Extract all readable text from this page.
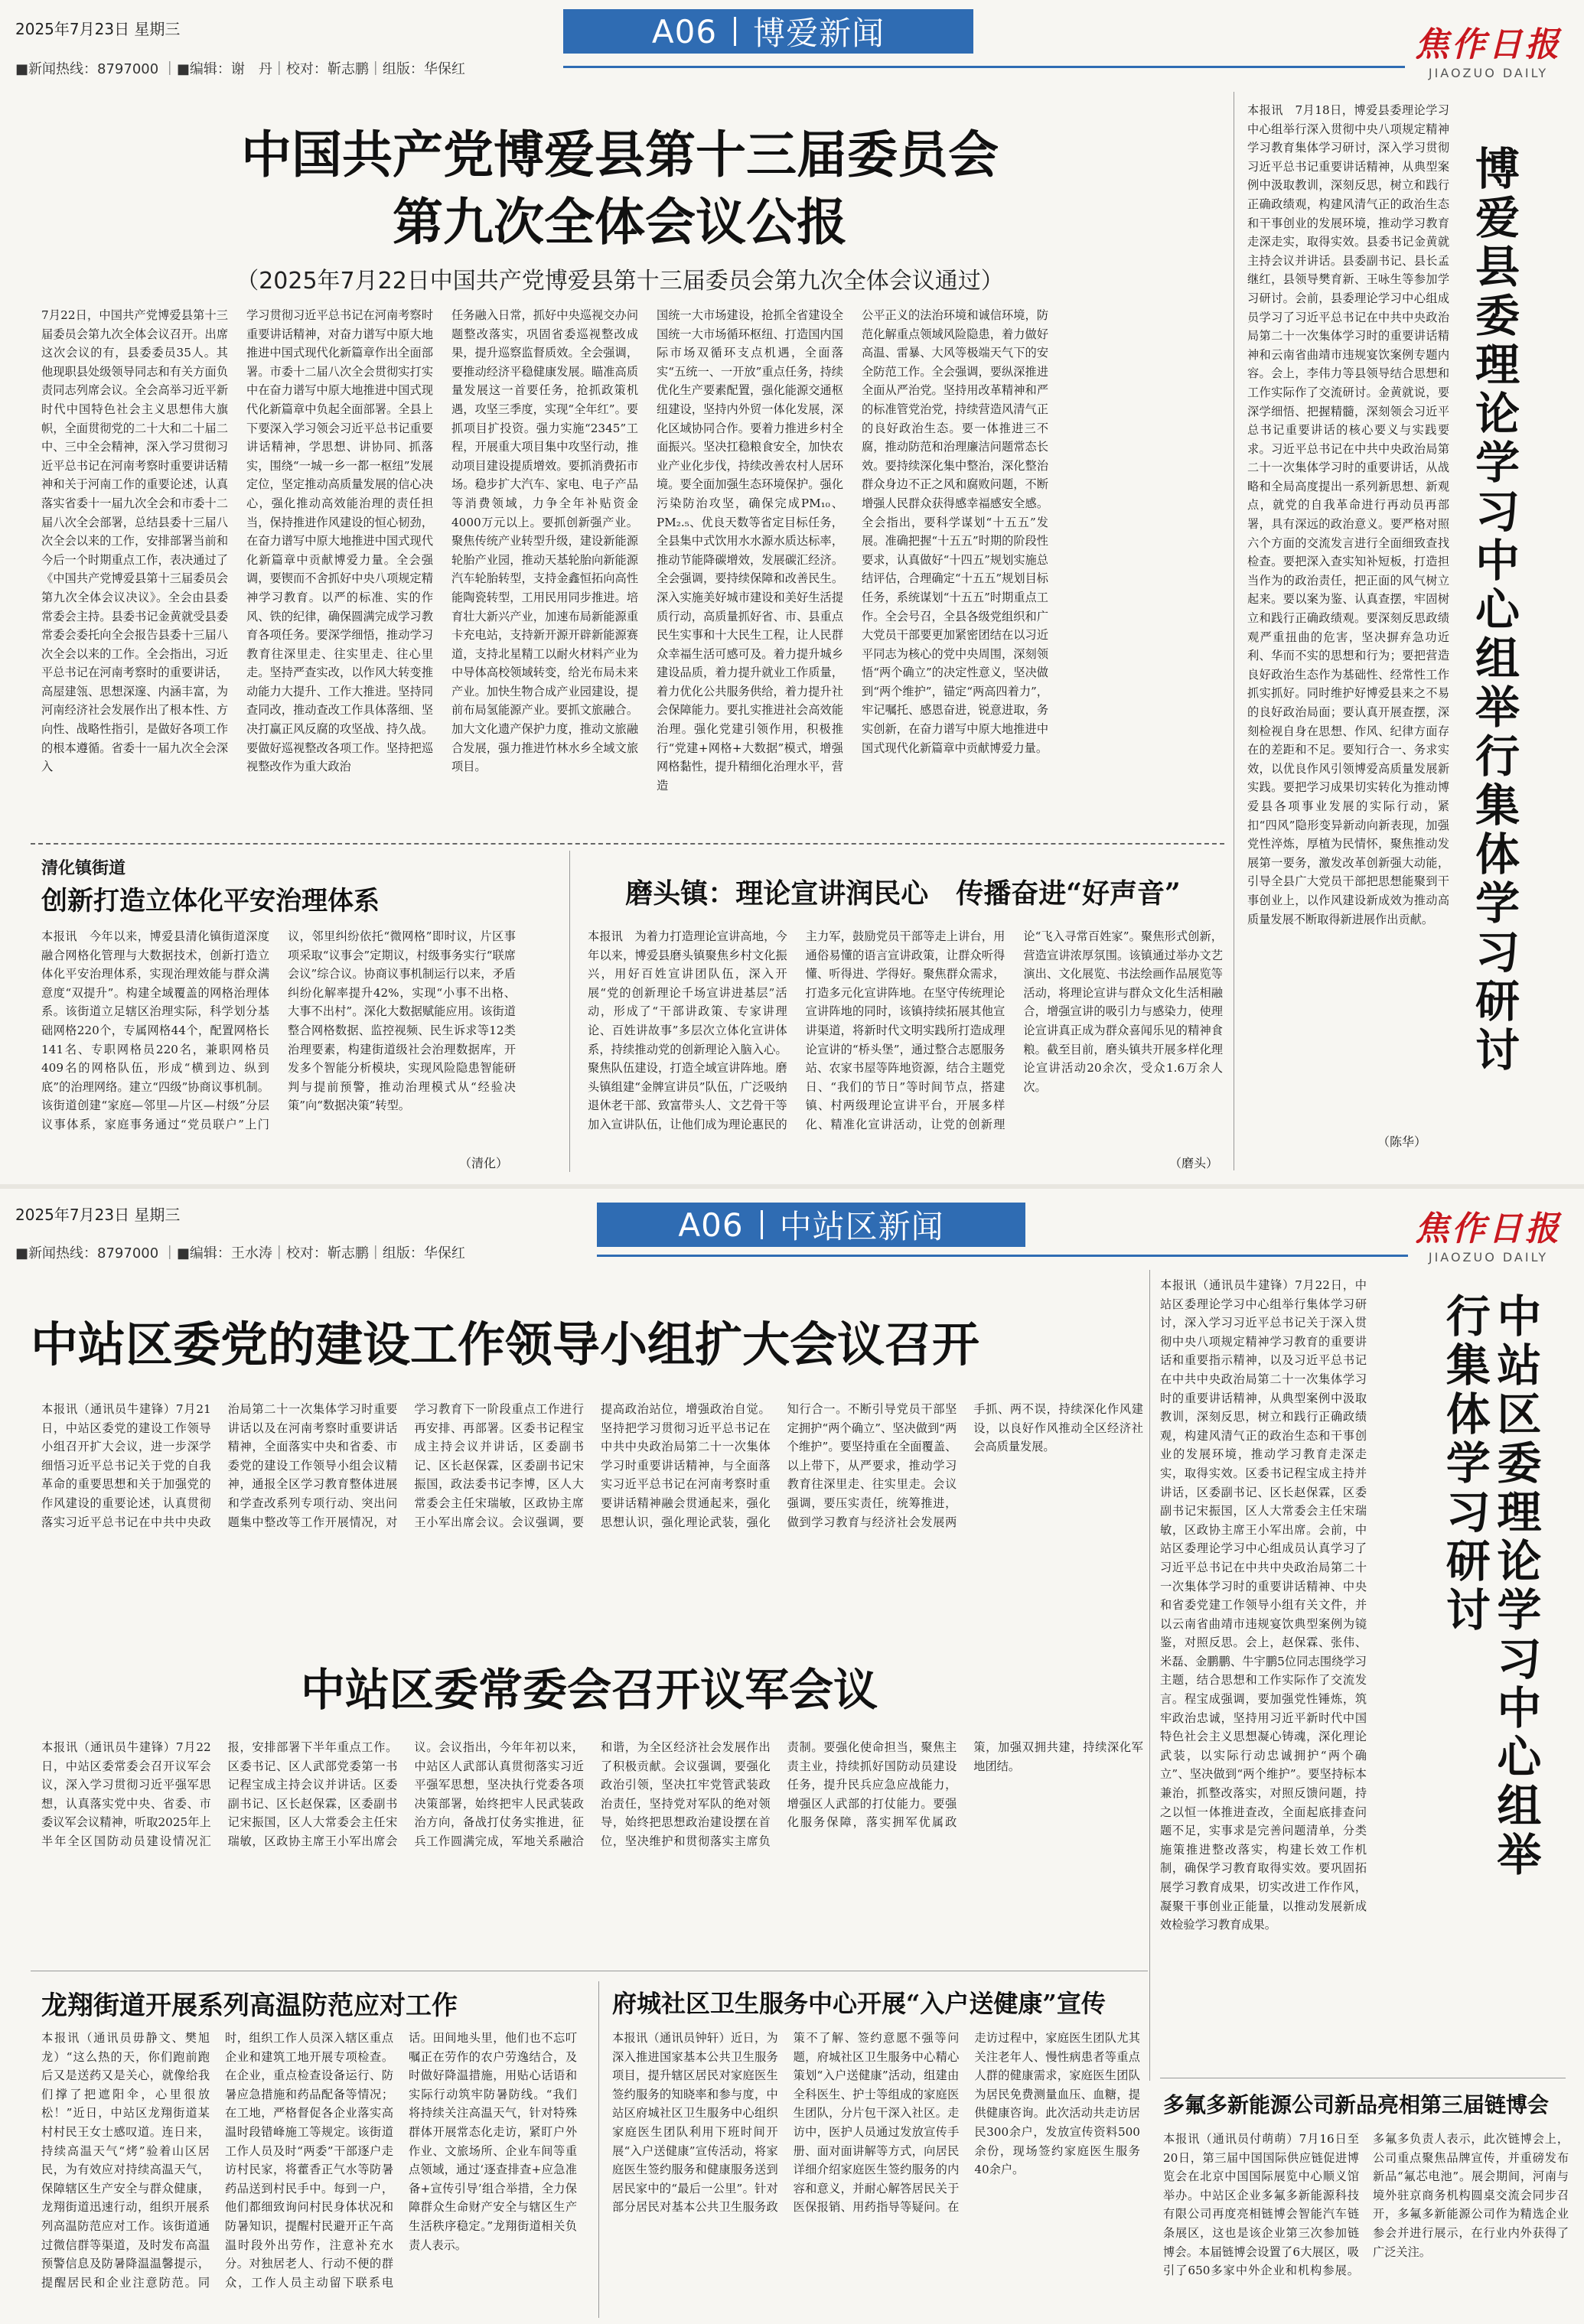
2025年7月23日 星期三	A06 博爱新闻
■新闻热线：8797000 ｜■编辑：谢　丹｜校对：靳志鹏｜组版：华保红
焦作日报
JIAOZUO DAILY
中国共产党博爱县第十三届委员会
第九次全体会议公报
（2025年7月22日中国共产党博爱县第十三届委员会第九次全体会议通过）
7月22日，中国共产党博爱县第十三届委员会第九次全体会议召开。出席这次会议的有，县委委员35人。其他现职县处级领导同志和有关方面负责同志列席会议。全会高举习近平新时代中国特色社会主义思想伟大旗帜，全面贯彻党的二十大和二十届二中、三中全会精神，深入学习贯彻习近平总书记在河南考察时重要讲话精神和关于河南工作的重要论述，认真落实省委十一届九次全会和市委十二届八次全会部署，总结县委十三届八次全会以来的工作，安排部署当前和今后一个时期重点工作，表决通过了《中国共产党博爱县第十三届委员会第九次全体会议决议》。全会由县委常委会主持。县委书记金黄就受县委常委会委托向全会报告县委十三届八次全会以来的工作。全会指出，习近平总书记在河南考察时的重要讲话，高屋建瓴、思想深邃、内涵丰富，为河南经济社会发展作出了根本性、方向性、战略性指引，是做好各项工作的根本遵循。省委十一届九次全会深入
学习贯彻习近平总书记在河南考察时重要讲话精神，对奋力谱写中原大地推进中国式现代化新篇章作出全面部署。市委十二届八次全会贯彻实打实中在奋力谱写中原大地推进中国式现代化新篇章中负起全面部署。全县上下要深入学习领会习近平总书记重要讲话精神，学思想、讲协同、抓落实，围绕“一城一乡一都一枢纽”发展定位，坚定推动高质量发展的信心决心，强化推动高效能治理的责任担当，保持推进作风建设的恒心韧劲，在奋力谱写中原大地推进中国式现代化新篇章中贡献博爱力量。全会强调，要锲而不舍抓好中央八项规定精神学习教育。以严的标准、实的作风、铁的纪律，确保圆满完成学习教育各项任务。要深学细悟，推动学习教育往深里走、往实里走、往心里走。坚持严查实改，以作风大转变推动能力大提升、工作大推进。坚持同查同改，推动查改工作具体落细、坚决打赢正风反腐的攻坚战、持久战。要做好巡视整改各项工作。坚持把巡视整改作为重大政治
任务融入日常，抓好中央巡视交办问题整改落实，巩固省委巡视整改成果，提升巡察监督质效。全会强调，要推动经济平稳健康发展。瞄准高质量发展这一首要任务，抢抓政策机遇，攻坚三季度，实现“全年红”。要抓项目扩投资。强力实施“2345”工程，开展重大项目集中攻坚行动，推动项目建设提质增效。要抓消费拓市场。稳步扩大汽车、家电、电子产品等消费领域，力争全年补贴资金4000万元以上。要抓创新强产业。聚焦传统产业转型升级，建设新能源轮胎产业园，推动天基轮胎向新能源汽车轮胎转型，支持金鑫恒拓向高性能陶瓷转型，工用民用同步推进。培育壮大新兴产业，加速布局新能源重卡充电站，支持新开源开辟新能源赛道，支持北星精工以耐火材料产业为中导体高校领域转变，给光布局未来产业。加快生物合成产业园建设，提前布局氢能源产业。要抓文旅融合。加大文化遗产保护力度，推动文旅融合发展，强力推进竹林水乡全域文旅项目。
国统一大市场建设，抢抓全省建设全国统一大市场循环枢纽、打造国内国际市场双循环支点机遇，全面落实“五统一、一开放”重点任务，持续优化生产要素配置，强化能源交通枢纽建设，坚持内外贸一体化发展，深化区域协同合作。要着力推进乡村全面振兴。坚决扛稳粮食安全，加快农业产业化步伐，持续改善农村人居环境。要全面加强生态环境保护。强化污染防治攻坚，确保完成PM₁₀、PM₂.₅、优良天数等省定目标任务，全县集中式饮用水水源水质达标率，推动节能降碳增效，发展碳汇经济。全会强调，要持续保障和改善民生。深入实施美好城市建设和美好生活提质行动，高质量抓好省、市、县重点民生实事和十大民生工程，让人民群众幸福生活可感可及。着力提升城乡建设品质，着力提升就业工作质量，着力优化公共服务供给，着力提升社会保障能力。要扎实推进社会高效能治理。强化党建引领作用，积极推行“党建+网格+大数据”模式，增强网格黏性，提升精细化治理水平，营造
公平正义的法治环境和诚信环境，防范化解重点领域风险隐患，着力做好高温、雷暴、大风等极端天气下的安全防范工作。全会强调，要纵深推进全面从严治党。坚持用改革精神和严的标准管党治党，持续营造风清气正的良好政治生态。要一体推进三不腐，推动防范和治理廉洁问题常态长效。要持续深化集中整治，深化整治群众身边不正之风和腐败问题，不断增强人民群众获得感幸福感安全感。全会指出，要科学谋划“十五五”发展。准确把握“十五五”时期的阶段性要求，认真做好“十四五”规划实施总结评估，合理确定“十五五”规划目标任务，系统谋划“十五五”时期重点工作。全会号召，全县各级党组织和广大党员干部要更加紧密团结在以习近平同志为核心的党中央周围，深刻领悟“两个确立”的决定性意义，坚决做到“两个维护”，锚定“两高四着力”，牢记嘱托、感恩奋进，锐意进取，务实创新，在奋力谱写中原大地推进中国式现代化新篇章中贡献博爱力量。	博爱县委理论学习中心组举行集体学习研讨
本报讯　7月18日，博爱县委理论学习中心组举行深入贯彻中央八项规定精神学习教育集体学习研讨，深入学习贯彻习近平总书记重要讲话精神，从典型案例中汲取教训，深刻反思，树立和践行正确政绩观，构建风清气正的政治生态和干事创业的发展环境，推动学习教育走深走实，取得实效。县委书记金黄就主持会议并讲话。县委副书记、县长孟继红，县领导樊育新、王咏生等参加学习研讨。会前，县委理论学习中心组成员学习了习近平总书记在中共中央政治局第二十一次集体学习时的重要讲话精神和云南省曲靖市违规宴饮案例专题内容。会上，李伟力等县领导结合思想和工作实际作了交流研讨。金黄就说，要深学细悟、把握精髓，深刻领会习近平总书记重要讲话的核心要义与实践要求。习近平总书记在中共中央政治局第二十一次集体学习时的重要讲话，从战略和全局高度提出一系列新思想、新观点，就党的自我革命进行再动员再部署，具有深远的政治意义。要严格对照六个方面的交流发言进行全面细致查找检查。要把深入查实知补短板，打造担当作为的政治责任，把正面的风气树立起来。要以案为鉴、认真查摆，牢固树立和践行正确政绩观。要深刻反思政绩观严重扭曲的危害，坚决摒弃急功近利、华而不实的思想和行为；要把营造良好政治生态作为基础性、经常性工作抓实抓好。同时维护好博爱县来之不易的良好政治局面；要认真开展查摆，深刻检视自身在思想、作风、纪律方面存在的差距和不足。要知行合一、务求实效，以优良作风引领博爱高质量发展新实践。要把学习成果切实转化为推动博爱县各项事业发展的实际行动，紧扣“四风”隐形变异新动向新表现，加强党性淬炼，厚植为民情怀，聚焦推动发展第一要务，激发改革创新强大动能，引导全县广大党员干部把思想能聚到干事创业上，以作风建设新成效为推动高质量发展不断取得新进展作出贡献。
（陈华）
清化镇街道
创新打造立体化平安治理体系
本报讯　今年以来，博爱县清化镇街道深度融合网格化管理与大数据技术，创新打造立体化平安治理体系，实现治理效能与群众满意度“双提升”。构建全域覆盖的网格治理体系。该街道立足辖区治理实际，科学划分基础网格220个，专属网格44个，配置网格长141名、专职网格员220名，兼职网格员409名的网格队伍，形成“横到边、纵到底”的治理网络。建立“四级”协商议事机制。该街道创建“家庭—邻里—片区—村级”分层议事体系，家庭事务通过“党员联户”上门议，邻里纠纷依托“微网格”即时议，片区事项采取“议事会”定期议，村级事务实行“联席会议”综合议。协商议事机制运行以来，矛盾纠纷化解率提升42%，实现“小事不出格、大事不出村”。深化大数据赋能应用。该街道整合网格数据、监控视频、民生诉求等12类治理要素，构建街道级社会治理数据库，开发多个智能分析模块，实现风险隐患智能研判与提前预警，推动治理模式从“经验决策”向“数据决策”转型。
（清化）
磨头镇：理论宣讲润民心　传播奋进“好声音”
本报讯　为着力打造理论宣讲高地，今年以来，博爱县磨头镇聚焦乡村文化振兴，用好百姓宣讲团队伍，深入开展“党的创新理论千场宣讲进基层”活动，形成了“干部讲政策、专家讲理论、百姓讲故事”多层次立体化宣讲体系，持续推动党的创新理论入脑入心。聚焦队伍建设，打造全域宣讲阵地。磨头镇组建“金牌宣讲员”队伍，广泛吸纳退休老干部、致富带头人、文艺骨干等加入宣讲队伍，让他们成为理论惠民的主力军，鼓励党员干部等走上讲台，用通俗易懂的语言宣讲政策，让群众听得懂、听得进、学得好。聚焦群众需求，打造多元化宣讲阵地。在坚守传统理论宣讲阵地的同时，该镇持续拓展其他宣讲渠道，将新时代文明实践所打造成理论宣讲的“桥头堡”，通过整合志愿服务站、农家书屋等阵地资源，结合主题党日、“我们的节日”等时间节点，搭建镇、村两级理论宣讲平台，开展多样化、精准化宣讲活动，让党的创新理论“飞入寻常百姓家”。聚焦形式创新，营造宣讲浓厚氛围。该镇通过举办文艺演出、文化展览、书法绘画作品展览等活动，将理论宣讲与群众文化生活相融合，增强宣讲的吸引力与感染力，使理论宣讲真正成为群众喜闻乐见的精神食粮。截至目前，磨头镇共开展多样化理论宣讲活动20余次，受众1.6万余人次。
（磨头）
2025年7月23日 星期三	A06 中站区新闻
■新闻热线：8797000 ｜■编辑：王水涛｜校对：靳志鹏｜组版：华保红
焦作日报
JIAOZUO DAILY
中站区委党的建设工作领导小组扩大会议召开
本报讯（通讯员牛建锋）7月21日，中站区委党的建设工作领导小组召开扩大会议，进一步深学细悟习近平总书记关于党的自我革命的重要思想和关于加强党的作风建设的重要论述，认真贯彻落实习近平总书记在中共中央政治局第二十一次集体学习时重要讲话以及在河南考察时重要讲话精神，全面落实中央和省委、市委党的建设工作领导小组会议精神，通报全区学习教育整体进展和学查改系列专项行动、突出问题集中整改等工作开展情况，对学习教育下一阶段重点工作进行再安排、再部署。区委书记程宝成主持会议并讲话，区委副书记、区长赵保霖，区委副书记宋振国，政法委书记李博，区人大常委会主任宋瑞敏，区政协主席王小军出席会议。会议强调，要提高政治站位，增强政治自觉。坚持把学习贯彻习近平总书记在中共中央政治局第二十一次集体学习时重要讲话精神，与全面落实习近平总书记在河南考察时重要讲话精神融会贯通起来，强化思想认识，强化理论武装，强化知行合一。不断引导党员干部坚定拥护“两个确立”、坚决做到“两个维护”。要坚持重在全面覆盖、以上带下，从严要求，推动学习教育往深里走、往实里走。会议强调，要压实责任，统筹推进，做到学习教育与经济社会发展两手抓、两不误，持续深化作风建设，以良好作风推动全区经济社会高质量发展。
本报讯（通讯员牛建锋）7月22日，中站区委理论学习中心组举行集体学习研讨，深入学习习近平总书记关于深入贯彻中央八项规定精神学习教育的重要讲话和重要指示精神，以及习近平总书记在中共中央政治局第二十一次集体学习时的重要讲话精神，从典型案例中汲取教训，深刻反思，树立和践行正确政绩观，构建风清气正的政治生态和干事创业的发展环境，推动学习教育走深走实，取得实效。区委书记程宝成主持并讲话，区委副书记、区长赵保霖，区委副书记宋振国，区人大常委会主任宋瑞敏，区政协主席王小军出席。会前，中站区委理论学习中心组成员认真学习了习近平总书记在中共中央政治局第二十一次集体学习时的重要讲话精神、中央和省委党建工作领导小组有关文件，并以云南省曲靖市违规宴饮典型案例为镜鉴，对照反思。会上，赵保霖、张伟、米磊、金鹏鹏、牛宇鹏5位同志围绕学习主题，结合思想和工作实际作了交流发言。程宝成强调，要加强党性锤炼，筑牢政治忠诚，坚持用习近平新时代中国特色社会主义思想凝心铸魂，深化理论武装，以实际行动忠诚拥护“两个确立”、坚决做到“两个维护”。要坚持标本兼治，抓整改落实，对照反馈问题，持之以恒一体推进查改，全面起底排查问题不足，实事求是完善问题清单，分类施策推进整改落实，构建长效工作机制，确保学习教育取得实效。要巩固拓展学习教育成果，切实改进工作作风，凝聚干事创业正能量，以推动发展新成效检验学习教育成果。
中站区委理论学习中心组举行集体学习研讨
中站区委常委会召开议军会议
本报讯（通讯员牛建锋）7月22日，中站区委常委会召开议军会议，深入学习贯彻习近平强军思想，认真落实党中央、省委、市委议军会议精神，听取2025年上半年全区国防动员建设情况汇报，安排部署下半年重点工作。区委书记、区人武部党委第一书记程宝成主持会议并讲话。区委副书记、区长赵保霖，区委副书记宋振国，区人大常委会主任宋瑞敏，区政协主席王小军出席会议。会议指出，今年年初以来，中站区人武部认真贯彻落实习近平强军思想，坚决执行党委各项决策部署，始终把牢人民武装政治方向，备战打仗务实推进，征兵工作圆满完成，军地关系融洽和谐，为全区经济社会发展作出了积极贡献。会议强调，要强化政治引领，坚决扛牢党管武装政治责任，坚持党对军队的绝对领导，始终把思想政治建设摆在首位，坚决维护和贯彻落实主席负责制。要强化使命担当，聚焦主责主业，持续抓好国防动员建设任务，提升民兵应急应战能力，增强区人武部的打仗能力。要强化服务保障，落实拥军优属政策，加强双拥共建，持续深化军地团结。
龙翔街道开展系列高温防范应对工作
本报讯（通讯员毋静文、樊旭龙）“这么热的天，你们跑前跑后又是送药又是关心，就像给我们撑了把遮阳伞，心里很放松！”近日，中站区龙翔街道某村村民王女士感叹道。连日来，持续高温天气“烤”验着山区居民，为有效应对持续高温天气，保障辖区生产安全与群众健康，龙翔街道迅速行动，组织开展系列高温防范应对工作。该街道通过微信群等渠道，及时发布高温预警信息及防暑降温温馨提示，提醒居民和企业注意防范。同时，组织工作人员深入辖区重点企业和建筑工地开展专项检查。在企业，重点检查设备运行、防暑应急措施和药品配备等情况；在工地，严格督促各企业落实高温时段错峰施工等规定。该街道工作人员及时“两委”干部逐户走访村民家，将藿香正气水等防暑药品送到村民手中。每到一户，他们都细致询问村民身体状况和防暑知识，提醒村民避开正午高温时段外出劳作，注意补充水分。对独居老人、行动不便的群众，工作人员主动留下联系电话。田间地头里，他们也不忘叮嘱正在劳作的农户劳逸结合，及时做好降温措施，用贴心话语和实际行动筑牢防暑防线。“我们将持续关注高温天气，针对特殊群体开展常态化走访，紧盯户外作业、文旅场所、企业车间等重点领域，通过‘逐查排查+应急准备+宣传引导’组合举措，全力保障群众生命财产安全与辖区生产生活秩序稳定。”龙翔街道相关负责人表示。
府城社区卫生服务中心开展“入户送健康”宣传
本报讯（通讯员钟轩）近日，为深入推进国家基本公共卫生服务项目，提升辖区居民对家庭医生签约服务的知晓率和参与度，中站区府城社区卫生服务中心组织家庭医生团队利用下班时间开展“入户送健康”宣传活动，将家庭医生签约服务和健康服务送到居民家中的“最后一公里”。针对部分居民对基本公共卫生服务政策不了解、签约意愿不强等问题，府城社区卫生服务中心精心策划“入户送健康”活动，组建由全科医生、护士等组成的家庭医生团队，分片包干深入社区。走访中，医护人员通过发放宣传手册、面对面讲解等方式，向居民详细介绍家庭医生签约服务的内容和意义，并耐心解答居民关于医保报销、用药指导等疑问。在走访过程中，家庭医生团队尤其关注老年人、慢性病患者等重点人群的健康需求，家庭医生团队为居民免费测量血压、血糖，提供健康咨询。此次活动共走访居民300余户，发放宣传资料500余份，现场签约家庭医生服务40余户。
多氟多新能源公司新品亮相第三届链博会
本报讯（通讯员付萌萌）7月16日至20日，第三届中国国际供应链促进博览会在北京中国国际展览中心顺义馆举办。中站区企业多氟多新能源科技有限公司再度亮相链博会智能汽车链条展区，这也是该企业第三次参加链博会。本届链博会设置了6大展区，吸引了650多家中外企业和机构参展。多氟多负责人表示，此次链博会上，公司重点聚焦品牌宣传，并重磅发布新品“氟芯电池”。展会期间，河南与境外驻京商务机构圆桌交流会同步召开，多氟多新能源公司作为精选企业参会并进行展示，在行业内外获得了广泛关注。
